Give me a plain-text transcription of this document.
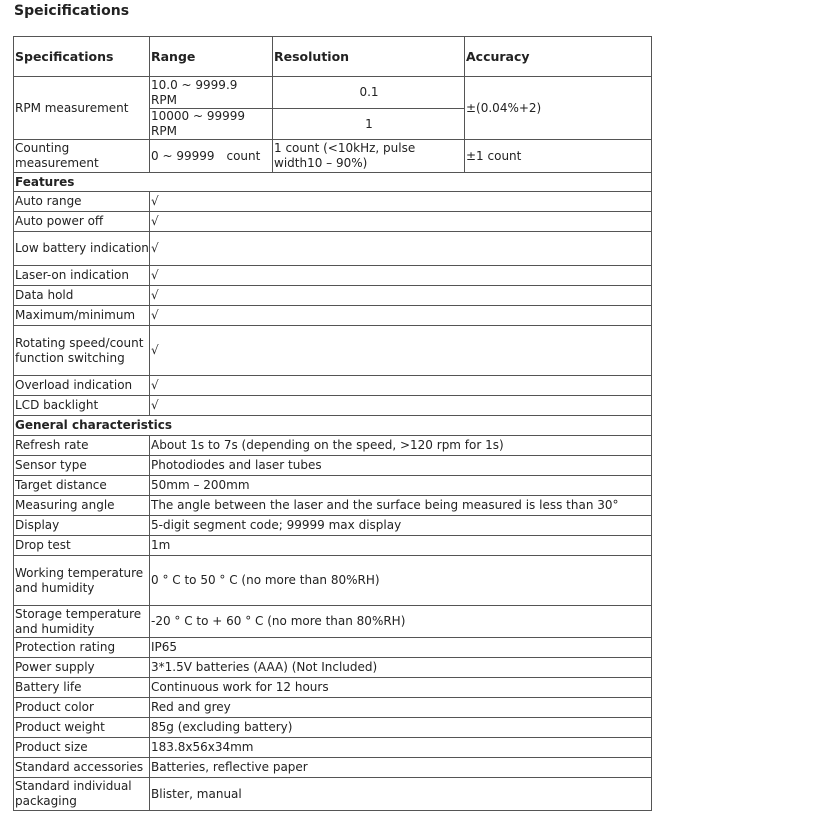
Speicifications
Specifications	Range	Resolution	Accuracy
RPM measurement	10.0 ~ 9999.9　RPM	0.1	±(0.04%+2)
	10000 ~ 99999 RPM	1	
Counting measurement	0 ~ 99999　count	1 count (<10kHz, pulse width10 – 90%)	±1 count
Features			
Auto range	√		
Auto power off	√		
Low battery indication	√		
Laser-on indication	√		
Data hold	√		
Maximum/minimum	√		
Rotating speed/count function switching	√		
Overload indication	√		
LCD backlight	√		
General characteristics			
Refresh rate	About 1s to 7s (depending on the speed, >120 rpm for 1s)		
Sensor type	Photodiodes and laser tubes		
Target distance	50mm – 200mm		
Measuring angle	The angle between the laser and the surface being measured is less than 30°		
Display	5-digit segment code; 99999 max display		
Drop test	1m		
Working temperature and humidity	0 ° C to 50 ° C (no more than 80%RH)		
Storage temperature and humidity	-20 ° C to + 60 ° C (no more than 80%RH)		
Protection rating	IP65		
Power supply	3*1.5V batteries (AAA) (Not Included)		
Battery life	Continuous work for 12 hours		
Product color	Red and grey		
Product weight	85g (excluding battery)		
Product size	183.8x56x34mm		
Standard accessories	Batteries, reflective paper		
Standard individual packaging	Blister, manual		
